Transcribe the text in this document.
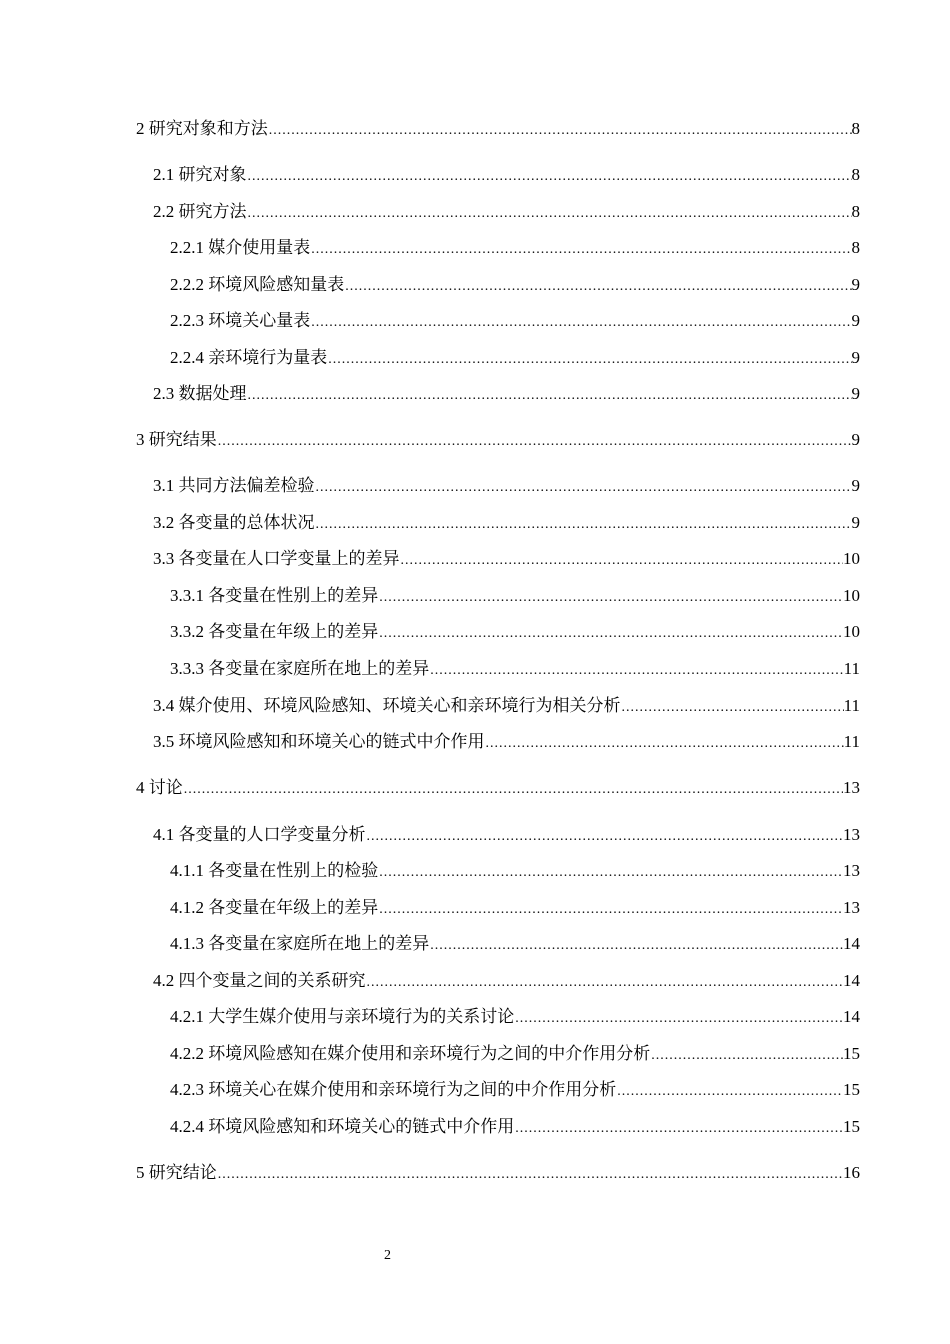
2 研究对象和方法 .....	8
2.1 研究对象 .....	8
2.2 研究方法 .....	8
2.2.1 媒介使用量表 .....	8
2.2.2 环境风险感知量表 .....	9
2.2.3 环境关心量表 .....	9
2.2.4 亲环境行为量表 .....	9
2.3 数据处理 .....	9
3 研究结果 .....	9
3.1 共同方法偏差检验 .....	9
3.2 各变量的总体状况 .....	9
3.3 各变量在人口学变量上的差异 .....	10
3.3.1 各变量在性别上的差异 .....	10
3.3.2 各变量在年级上的差异 .....	10
3.3.3 各变量在家庭所在地上的差异 .....	11
3.4 媒介使用、环境风险感知、环境关心和亲环境行为相关分析 .....	11
3.5 环境风险感知和环境关心的链式中介作用 .....	11
4 讨论 .....	13
4.1 各变量的人口学变量分析 .....	13
4.1.1 各变量在性别上的检验 .....	13
4.1.2 各变量在年级上的差异 .....	13
4.1.3 各变量在家庭所在地上的差异 .....	14
4.2 四个变量之间的关系研究 .....	14
4.2.1 大学生媒介使用与亲环境行为的关系讨论 .....	14
4.2.2 环境风险感知在媒介使用和亲环境行为之间的中介作用分析 .....	15
4.2.3 环境关心在媒介使用和亲环境行为之间的中介作用分析 .....	15
4.2.4 环境风险感知和环境关心的链式中介作用 .....	15
5 研究结论 .....	16
2
